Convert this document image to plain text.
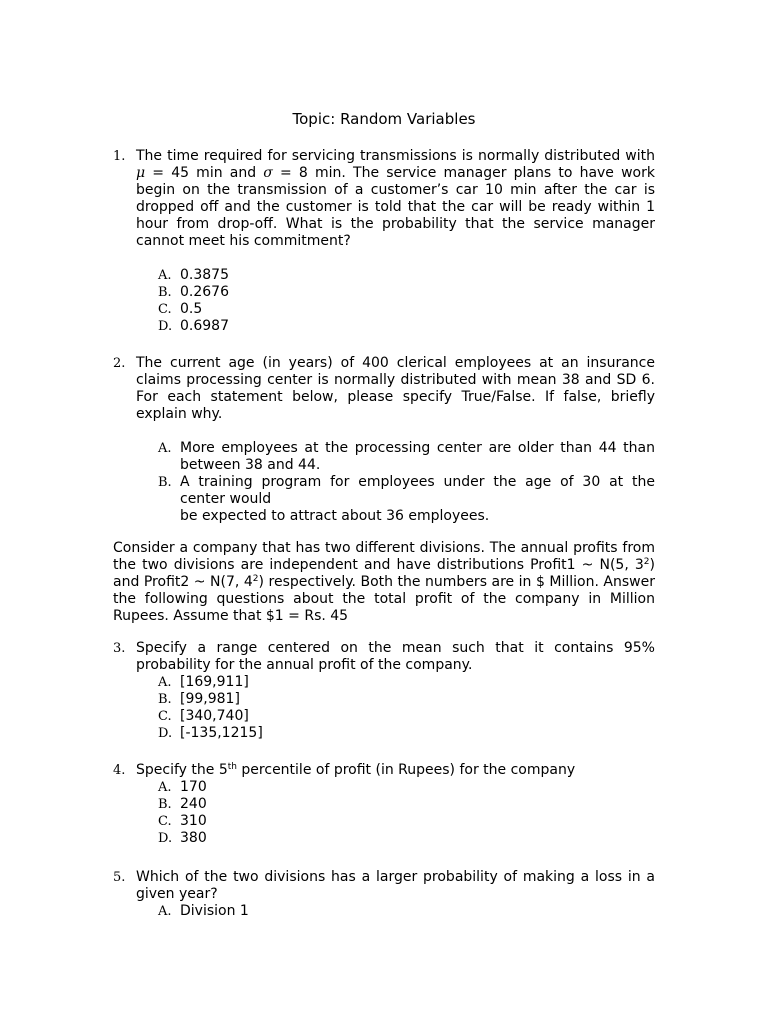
Topic: Random Variables
1. The time required for servicing transmissions is normally distributed with μ = 45 min and σ = 8 min. The service manager plans to have work begin on the transmission of a customer’s car 10 min after the car is dropped off and the customer is told that the car will be ready within 1 hour from drop-off. What is the probability that the service manager cannot meet his commitment?
A. 0.3875
B. 0.2676
C. 0.5
D. 0.6987
2. The current age (in years) of 400 clerical employees at an insurance claims processing center is normally distributed with mean 38 and SD 6. For each statement below, please specify True/False. If false, briefly explain why.
A. More employees at the processing center are older than 44 than between 38 and 44.
B. A training program for employees under the age of 30 at the center would
be expected to attract about 36 employees.
Consider a company that has two different divisions. The annual profits from the two divisions are independent and have distributions Profit1 ~ N(5, $3^2$) and Profit2 ~ N(7, $4^2$) respectively. Both the numbers are in $ Million. Answer the following questions about the total profit of the company in Million Rupees. Assume that $1 = Rs. 45
3. Specify a range centered on the mean such that it contains 95% probability for the annual profit of the company.
A. [169,911]
B. [99,981]
C. [340,740]
D. [-135,1215]
4. Specify the 5th percentile of profit (in Rupees) for the company
A. 170
B. 240
C. 310
D. 380
5. Which of the two divisions has a larger probability of making a loss in a given year?
A. Division 1
